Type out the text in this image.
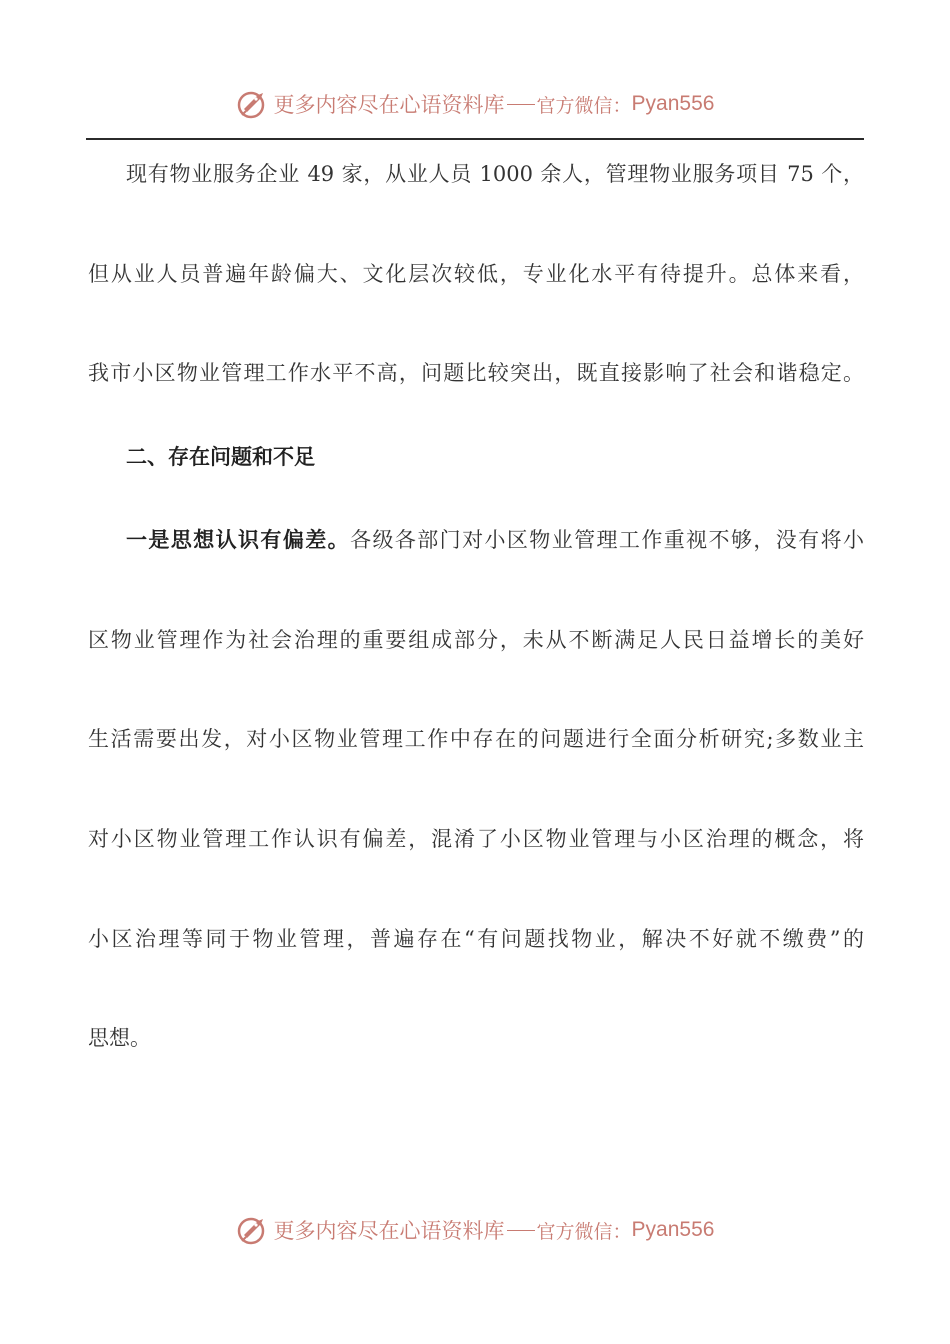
更多内容尽在心语资料库 官方微信： Pyan556
现有物业服务企业 49 家，从业人员 1000 余人，管理物业服务项目 75 个，
但从业人员普遍年龄偏大、文化层次较低，专业化水平有待提升。总体来看，
我市小区物业管理工作水平不高，问题比较突出，既直接影响了社会和谐稳定。
二、存在问题和不足
一是思想认识有偏差。各级各部门对小区物业管理工作重视不够，没有将小
区物业管理作为社会治理的重要组成部分，未从不断满足人民日益增长的美好
生活需要出发，对小区物业管理工作中存在的问题进行全面分析研究;多数业主
对小区物业管理工作认识有偏差，混淆了小区物业管理与小区治理的概念，将
小区治理等同于物业管理，普遍存在“有问题找物业，解决不好就不缴费”的
思想。
更多内容尽在心语资料库 官方微信： Pyan556
